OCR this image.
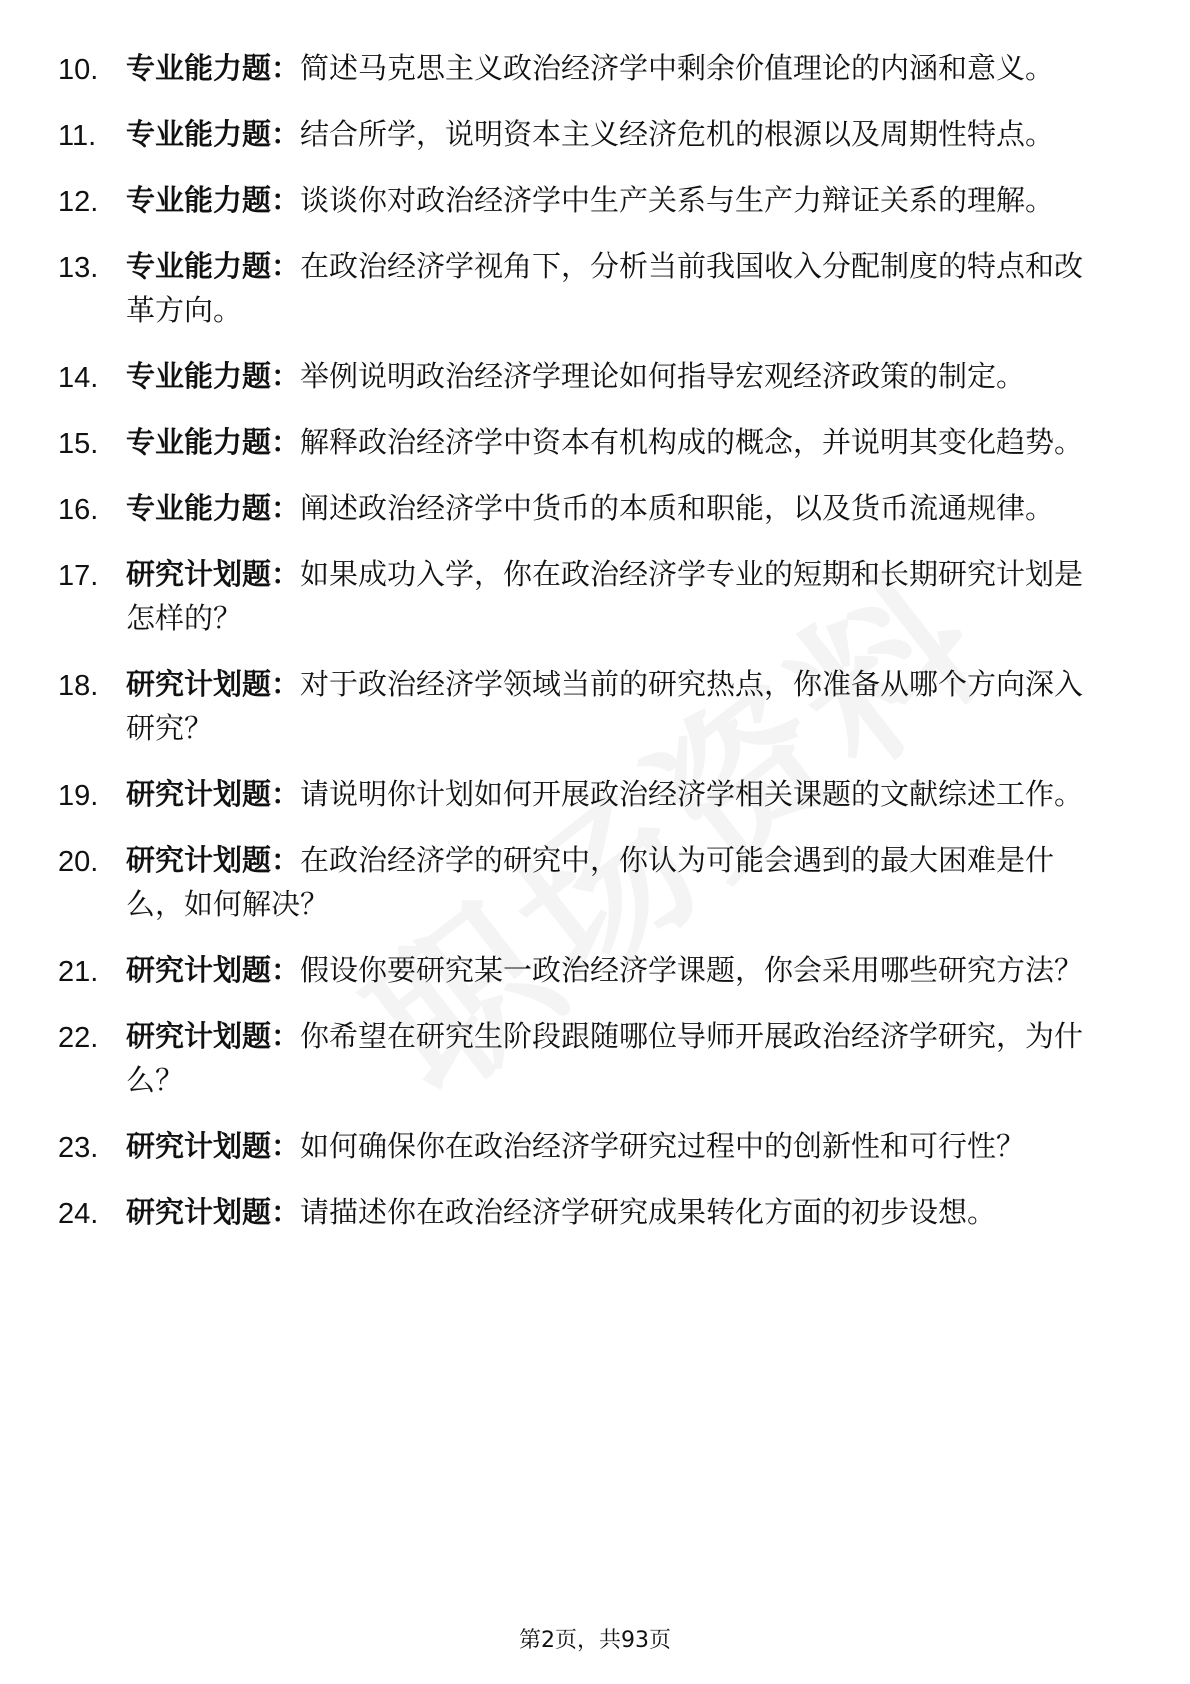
10. 专业能力题：简述马克思主义政治经济学中剩余价值理论的内涵和意义。
11.	专业能力题：结合所学，说明资本主义经济危机的根源以及周期性特点。
12. 专业能力题：谈谈你对政治经济学中生产关系与生产力辩证关系的理解。
13. 专业能力题：在政治经济学视角下，分析当前我国收入分配制度的特点和改革方向。
14. 专业能力题：举例说明政治经济学理论如何指导宏观经济政策的制定。
15. 专业能力题：解释政治经济学中资本有机构成的概念，并说明其变化趋势。
16. 专业能力题：阐述政治经济学中货币的本质和职能，以及货币流通规律。
17. 研究计划题：如果成功入学，你在政治经济学专业的短期和长期研究计划是怎样的？
18. 研究计划题：对于政治经济学领域当前的研究热点，你准备从哪个方向深入研究？
19. 研究计划题：请说明你计划如何开展政治经济学相关课题的文献综述工作。
20. 研究计划题：在政治经济学的研究中，你认为可能会遇到的最大困难是什么，如何解决？
21. 研究计划题：假设你要研究某一政治经济学课题，你会采用哪些研究方法？
22. 研究计划题：你希望在研究生阶段跟随哪位导师开展政治经济学研究，为什么？
23. 研究计划题：如何确保你在政治经济学研究过程中的创新性和可行性？
24. 研究计划题：请描述你在政治经济学研究成果转化方面的初步设想。
第2页，共93页
